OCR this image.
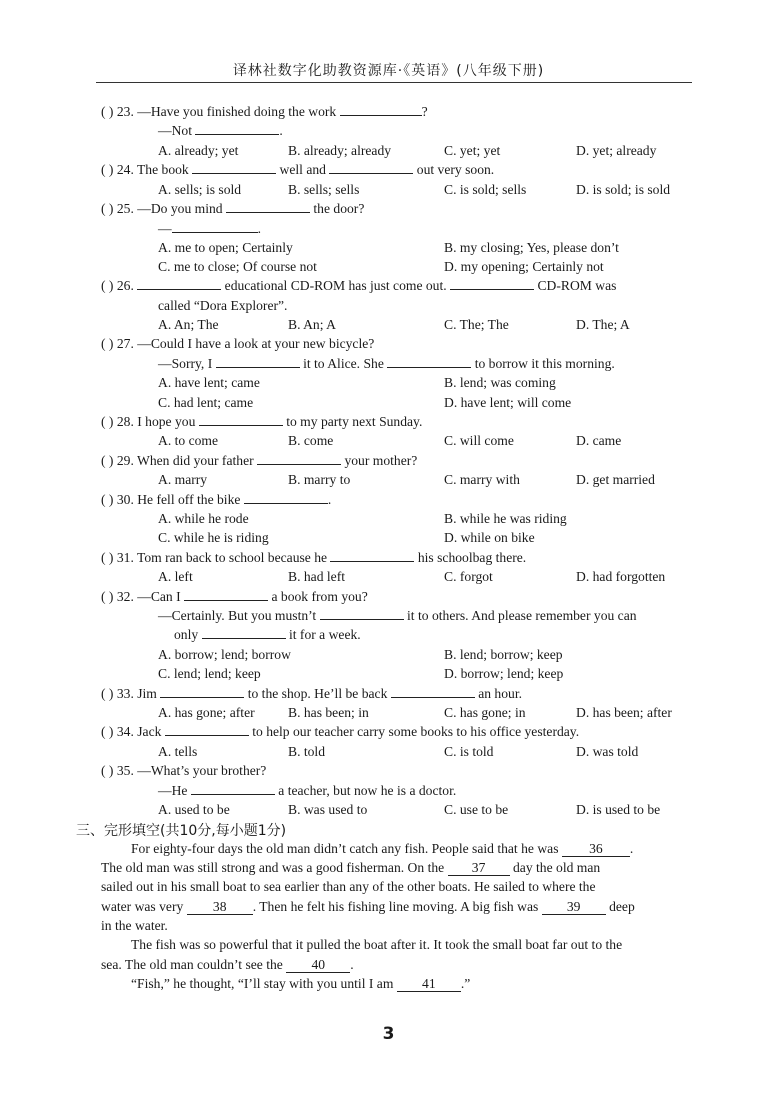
译林社数字化助教资源库·《英语》(八年级下册)
( ) 23. —Have you finished doing the work	?
—Not	.
A. already; yet	B. already; already	C. yet; yet	D. yet; already
( ) 24. The book	well and	out very soon.
A. sells; is sold	B. sells; sells	C. is sold; sells	D. is sold; is sold
( ) 25. —Do you mind	the door?
—	.
A. me to open; Certainly	B. my closing; Yes, please don’t
C. me to close; Of course not	D. my opening; Certainly not
( ) 26.	educational CD-ROM has just come out.	CD-ROM was
called “Dora Explorer”.
A. An; The	B. An; A	C. The; The	D. The; A
( ) 27. —Could I have a look at your new bicycle?
—Sorry, I	it to Alice. She	to borrow it this morning.
A. have lent; came	B. lend; was coming
C. had lent; came	D. have lent; will come
( ) 28. I hope you	to my party next Sunday.
A. to come	B. come	C. will come	D. came
( ) 29. When did your father	your mother?
A. marry	B. marry to	C. marry with	D. get married
( ) 30. He fell off the bike	.
A. while he rode	B. while he was riding
C. while he is riding	D. while on bike
( ) 31. Tom ran back to school because he	his schoolbag there.
A. left	B. had left	C. forgot	D. had forgotten
( ) 32. —Can I	a book from you?
—Certainly. But you mustn’t	it to others. And please remember you can
only	it for a week.
A. borrow; lend; borrow	B. lend; borrow; keep
C. lend; lend; keep	D. borrow; lend; keep
( ) 33. Jim	to the shop. He’ll be back	an hour.
A. has gone; after B. has been; in	C. has gone; in	D. has been; after
( ) 34. Jack	to help our teacher carry some books to his office yesterday.
A. tells	B. told	C. is told	D. was told
( ) 35. —What’s your brother?
—He	a teacher, but now he is a doctor.
A. used to be	B. was used to	C. use to be	D. is used to be
三、完形填空(共10分,每小题1分)
For eighty-four days the old man didn’t catch any fish. People said that he was 36 .
The old man was still strong and was a good fisherman. On the 37 day the old man
sailed out in his small boat to sea earlier than any of the other boats. He sailed to where the
water was very 38 . Then he felt his fishing line moving. A big fish was 39 deep
in the water.
The fish was so powerful that it pulled the boat after it. It took the small boat far out to the
sea. The old man couldn’t see the 40 .
“Fish,” he thought, “I’ll stay with you until I am 41 .”
3
